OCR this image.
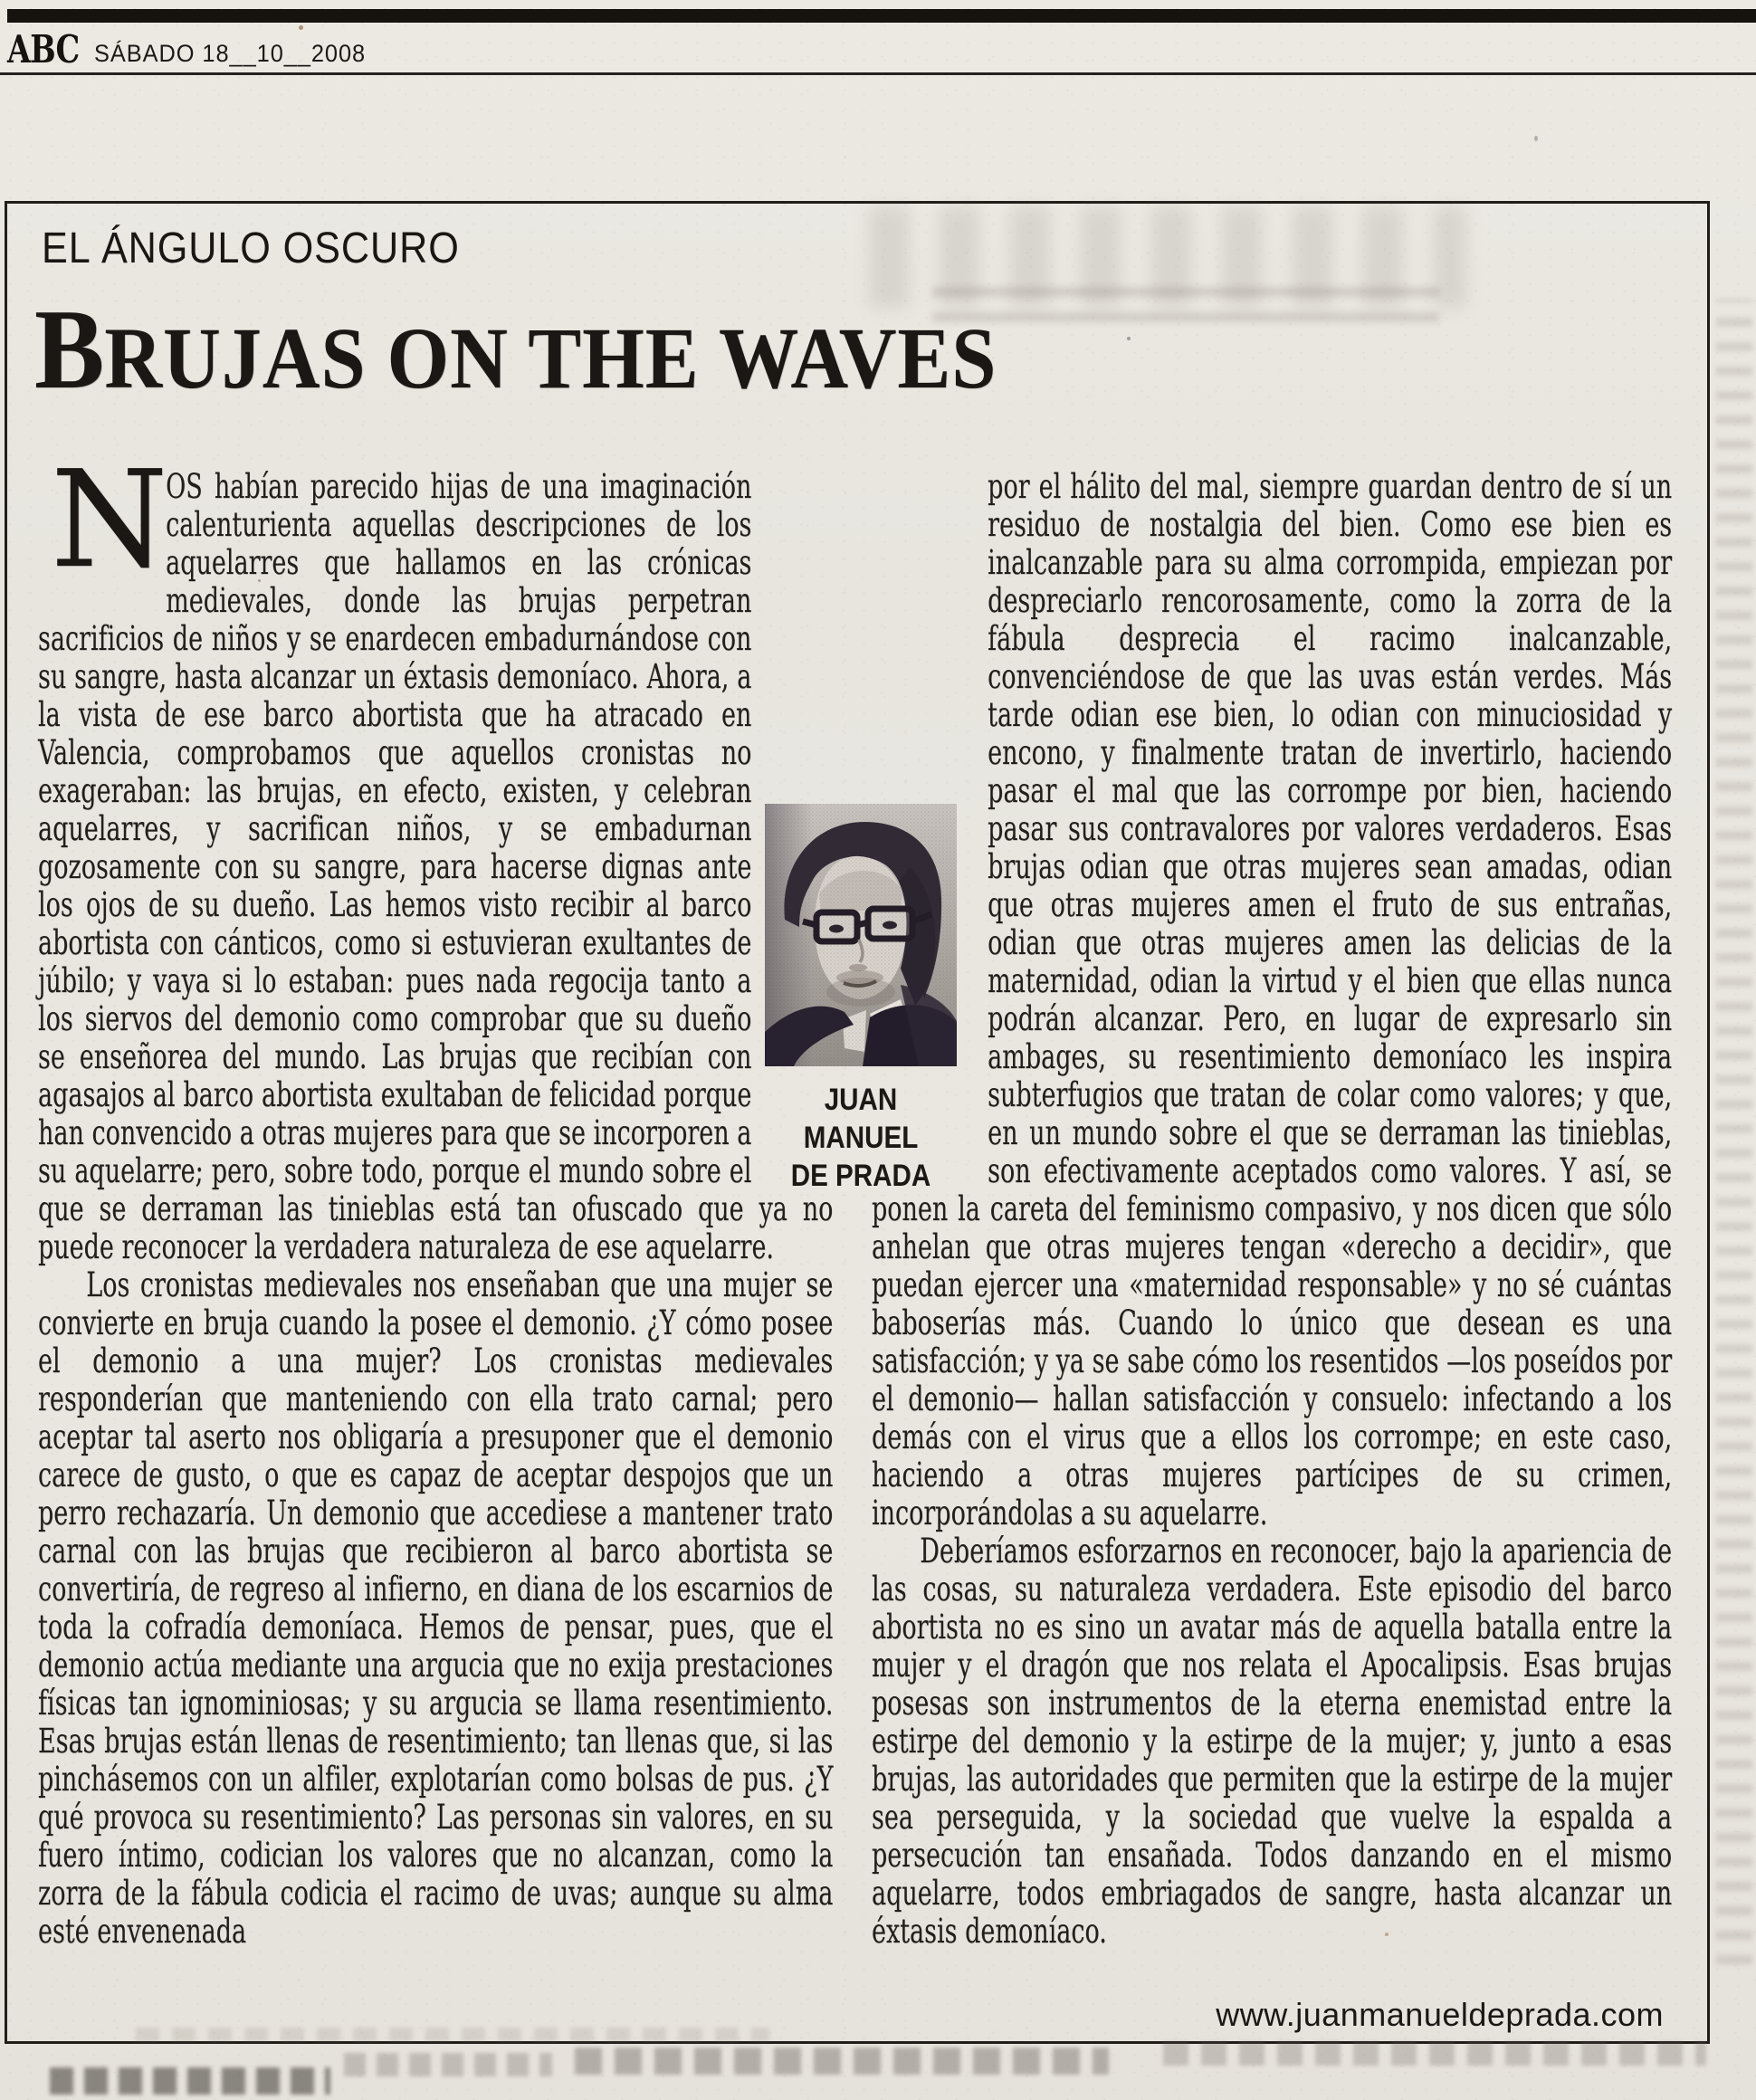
ABC SÁBADO 18__10__2008
EL ÁNGULO OSCURO
BRUJAS ON THE WAVES
N

OS habían parecido hijas de una imaginación calenturienta aquellas descripciones de los aquelarres que hallamos en las crónicas medievales, donde las brujas perpetran sacrificios de niños y se enardecen embadurnándose con su sangre, hasta alcanzar un éxtasis demoníaco. Ahora, a la vista de ese barco abortista que ha atracado en Valencia, comprobamos que aquellos cronistas no exageraban: las brujas, en efecto, existen, y celebran aquelarres, y sacrifican niños, y se embadurnan gozosamente con su sangre, para hacerse dignas ante los ojos de su dueño. Las hemos visto recibir al barco abortista con cánticos, como si estuvieran exultantes de júbilo; y vaya si lo estaban: pues nada regocija tanto a los siervos del demonio como comprobar que su dueño se enseñorea del mundo. Las brujas que recibían con agasajos al barco abortista exultaban de felicidad porque han convencido a otras mujeres para que se incorporen a su aquelarre; pero, sobre todo, porque el mundo sobre el que se derraman las tinieblas está tan ofuscado que ya no puede reconocer la verdadera naturaleza de ese aquelarre.

Los cronistas medievales nos enseñaban que una mujer se convierte en bruja cuando la posee el demonio. ¿Y cómo posee el demonio a una mujer? Los cronistas medievales responderían que manteniendo con ella trato carnal; pero aceptar tal aserto nos obligaría a presuponer que el demonio carece de gusto, o que es capaz de aceptar despojos que un perro rechazaría. Un demonio que accediese a mantener trato carnal con las brujas que recibieron al barco abortista se convertiría, de regreso al infierno, en diana de los escarnios de toda la cofradía demoníaca. Hemos de pensar, pues, que el demonio actúa mediante una argucia que no exija prestaciones físicas tan ignominiosas; y su argucia se llama resentimiento. Esas brujas están llenas de resentimiento; tan llenas que, si las pinchásemos con un alfiler, explotarían como bolsas de pus. ¿Y qué provoca su resentimiento? Las personas sin valores, en su fuero íntimo, codician los valores que no alcanzan, como la zorra de la fábula codicia el racimo de uvas; aunque su alma esté envenenada

por el hálito del mal, siempre guardan dentro de sí un residuo de nostalgia del bien. Como ese bien es inalcanzable para su alma corrompida, empiezan por despreciarlo rencorosamente, como la zorra de la fábula desprecia el racimo inalcanzable, convenciéndose de que las uvas están verdes. Más tarde odian ese bien, lo odian con minuciosidad y encono, y finalmente tratan de invertirlo, haciendo pasar el mal que las corrompe por bien, haciendo pasar sus contravalores por valores verdaderos. Esas brujas odian que otras mujeres sean amadas, odian que otras mujeres amen el fruto de sus entrañas, odian que otras mujeres amen las delicias de la maternidad, odian la virtud y el bien que ellas nunca podrán alcanzar. Pero, en lugar de expresarlo sin ambages, su resentimiento demoníaco les inspira subterfugios que tratan de colar como valores; y que, en un mundo sobre el que se derraman las tinieblas, son efectivamente aceptados como valores. Y así, se ponen la careta del feminismo compasivo, y nos dicen que sólo anhelan que otras mujeres tengan «derecho a decidir», que puedan ejercer una «maternidad responsable» y no sé cuántas baboserías más. Cuando lo único que desean es una satisfacción; y ya se sabe cómo los resentidos —los poseídos por el demonio— hallan satisfacción y consuelo: infectando a los demás con el virus que a ellos los corrompe; en este caso, haciendo a otras mujeres partícipes de su crimen, incorporándolas a su aquelarre.

Deberíamos esforzarnos en reconocer, bajo la apariencia de las cosas, su naturaleza verdadera. Este episodio del barco abortista no es sino un avatar más de aquella batalla entre la mujer y el dragón que nos relata el Apocalipsis. Esas brujas posesas son instrumentos de la eterna enemistad entre la estirpe del demonio y la estirpe de la mujer; y, junto a esas brujas, las autoridades que permiten que la estirpe de la mujer sea perseguida, y la sociedad que vuelve la espalda a persecución tan ensañada. Todos danzando en el mismo aquelarre, todos embriagados de sangre, hasta alcanzar un éxtasis demoníaco.

JUAN MANUEL
DE PRADA
www.juanmanueldeprada.com
